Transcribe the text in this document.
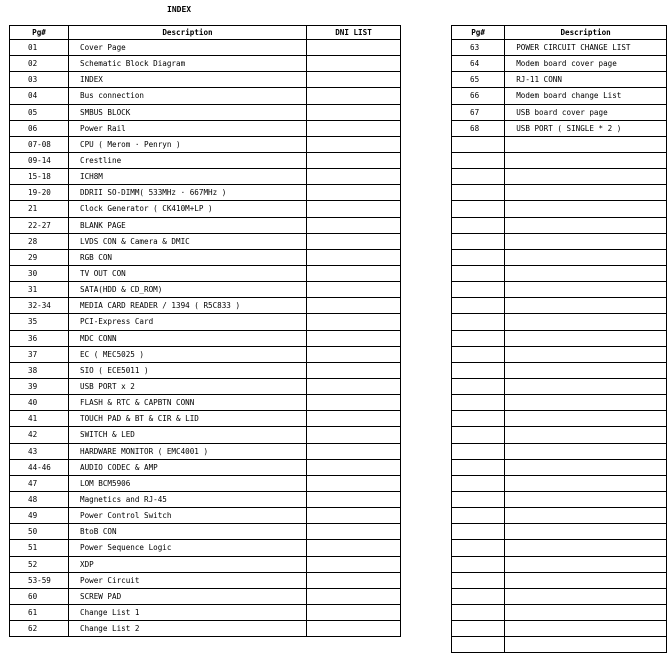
INDEX
Pg#	Description	DNI LIST
01	Cover Page	
02	Schematic Block Diagram	
03	INDEX	
04	Bus connection	
05	SMBUS BLOCK	
06	Power Rail	
07-08	CPU ( Merom · Penryn )	
09-14	Crestline	
15-18	ICH8M	
19-20	DDRII SO-DIMM( 533MHz · 667MHz )	
21	Clock Generator ( CK410M+LP )	
22-27	BLANK PAGE	
28	LVDS CON & Camera & DMIC	
29	RGB CON	
30	TV OUT CON	
31	SATA(HDD & CD_ROM)	
32-34	MEDIA CARD READER / 1394 ( R5C833 )	
35	PCI-Express Card	
36	MDC CONN	
37	EC ( MEC5025 )	
38	SIO ( ECE5011 )	
39	USB PORT x 2	
40	FLASH & RTC & CAPBTN CONN	
41	TOUCH PAD & BT & CIR & LID	
42	SWITCH & LED	
43	HARDWARE MONITOR ( EMC4001 )	
44-46	AUDIO CODEC & AMP	
47	LOM BCM5906	
48	Magnetics and RJ-45	
49	Power Control Switch	
50	BtoB CON	
51	Power Sequence Logic	
52	XDP	
53-59	Power Circuit	
60	SCREW PAD	
61	Change List 1	
62	Change List 2	
Pg#	Description
63	POWER CIRCUIT CHANGE LIST
64	Modem board cover page
65	RJ-11 CONN
66	Modem board change List
67	USB board cover page
68	USB PORT ( SINGLE * 2 )
